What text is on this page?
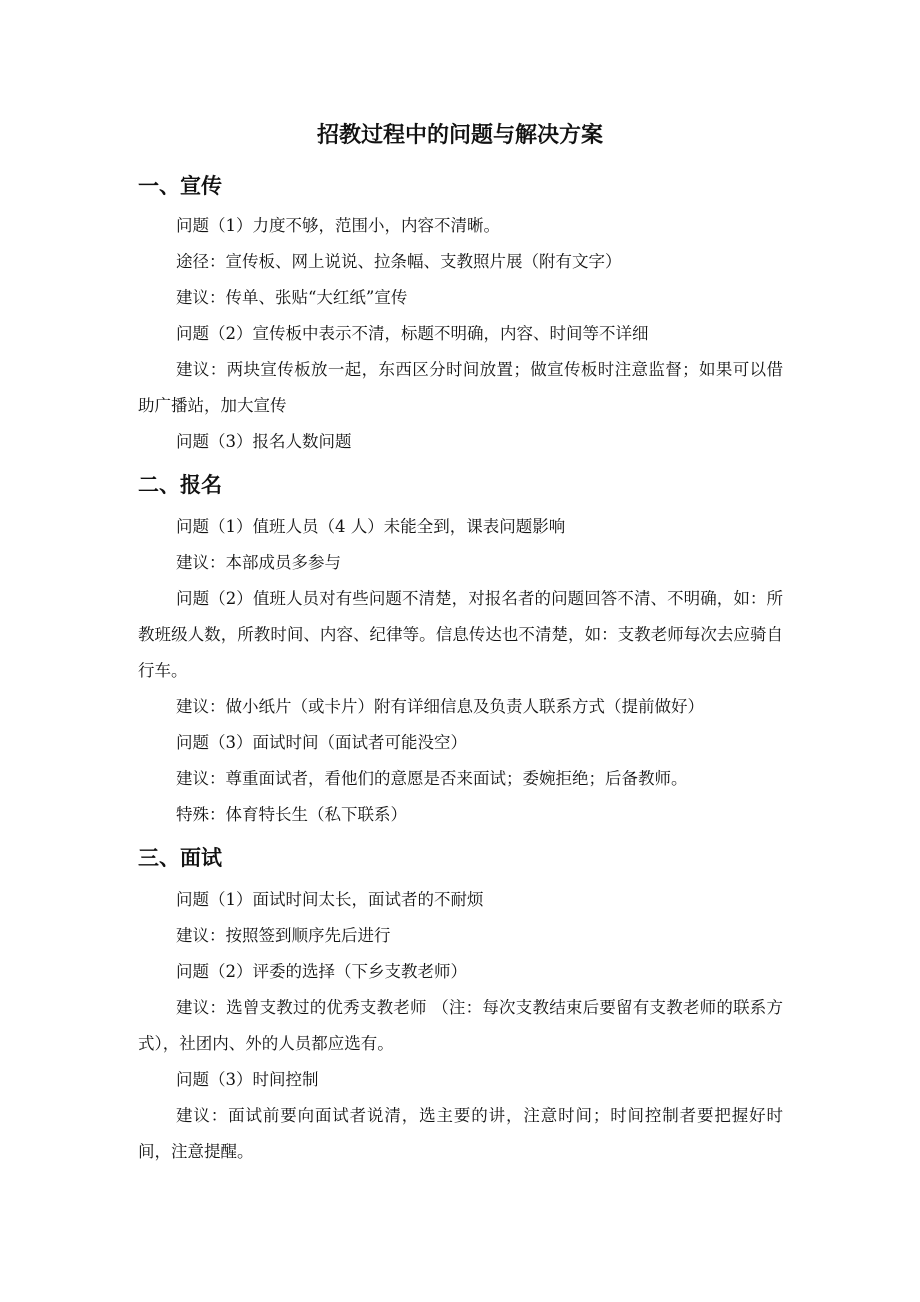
招教过程中的问题与解决方案
一、宣传
问题（1）力度不够，范围小，内容不清晰。
途径：宣传板、网上说说、拉条幅、支教照片展（附有文字）
建议：传单、张贴“大红纸”宣传
问题（2）宣传板中表示不清，标题不明确，内容、时间等不详细
建议：两块宣传板放一起，东西区分时间放置；做宣传板时注意监督；如果可以借助广播站，加大宣传
问题（3）报名人数问题
二、报名
问题（1）值班人员（4 人）未能全到，课表问题影响
建议：本部成员多参与
问题（2）值班人员对有些问题不清楚，对报名者的问题回答不清、不明确，如：所教班级人数，所教时间、内容、纪律等。信息传达也不清楚，如：支教老师每次去应骑自行车。
建议：做小纸片（或卡片）附有详细信息及负责人联系方式（提前做好）
问题（3）面试时间（面试者可能没空）
建议：尊重面试者，看他们的意愿是否来面试；委婉拒绝；后备教师。
特殊：体育特长生（私下联系）
三、面试
问题（1）面试时间太长，面试者的不耐烦
建议：按照签到顺序先后进行
问题（2）评委的选择（下乡支教老师）
建议：选曾支教过的优秀支教老师 （注：每次支教结束后要留有支教老师的联系方式），社团内、外的人员都应选有。
问题（3）时间控制
建议：面试前要向面试者说清，选主要的讲，注意时间；时间控制者要把握好时间，注意提醒。
